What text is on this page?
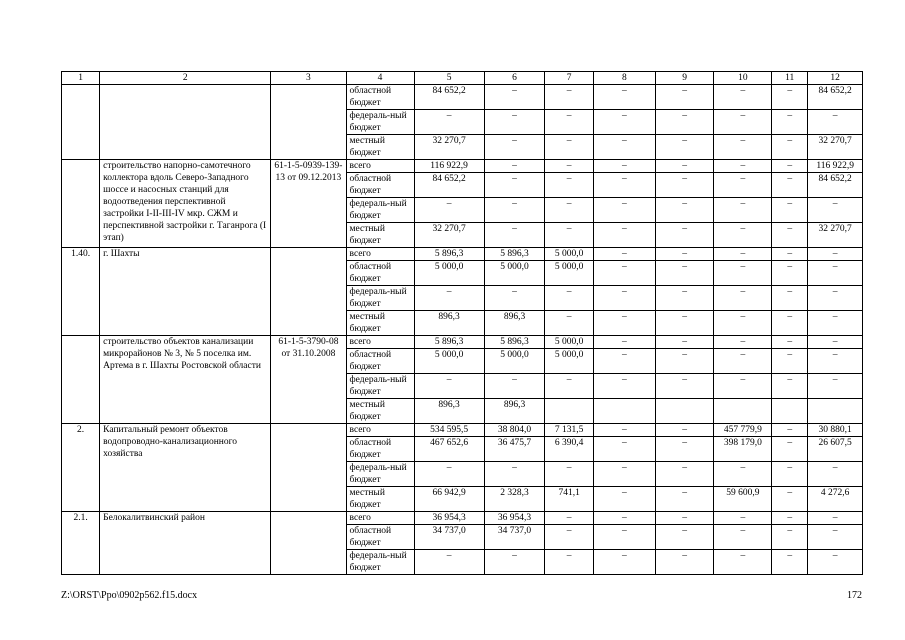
1	2	3	4	5	6	7	8	9	10	11	12
			областной бюджет	84 652,2	–	–	–	–	–	–	84 652,2
			федераль-ный бюджет	–	–	–	–	–	–	–	–
			местный бюджет	32 270,7	–	–	–	–	–	–	32 270,7
	строительство напорно-самотечного коллектора вдоль Северо-Западного шоссе и насосных станций для водоотведения перспективной застройки I-II-III-IV мкр. СЖМ и перспективной застройки г. Таганрога (I этап)	61-1-5-0939-139-13 от 09.12.2013	всего	116 922,9	–	–	–	–	–	–	116 922,9
			областной бюджет	84 652,2	–	–	–	–	–	–	84 652,2
			федераль-ный бюджет	–	–	–	–	–	–	–	–
			местный бюджет	32 270,7	–	–	–	–	–	–	32 270,7
1.40.	г. Шахты		всего	5 896,3	5 896,3	5 000,0	–	–	–	–	–
			областной бюджет	5 000,0	5 000,0	5 000,0	–	–	–	–	–
			федераль-ный бюджет	–	–	–	–	–	–	–	–
			местный бюджет	896,3	896,3	–	–	–	–	–	–
	строительство объектов канализации микрорайонов № 3, № 5 поселка им. Артема в г. Шахты Ростовской области	61-1-5-3790-08 от 31.10.2008	всего	5 896,3	5 896,3	5 000,0	–	–	–	–	–
			областной бюджет	5 000,0	5 000,0	5 000,0	–	–	–	–	–
			федераль-ный бюджет	–	–	–	–	–	–	–	–
			местный бюджет	896,3	896,3						
2.	Капитальный ремонт объектов водопроводно-канализационного хозяйства		всего	534 595,5	38 804,0	7 131,5	–	–	457 779,9	–	30 880,1
			областной бюджет	467 652,6	36 475,7	6 390,4	–	–	398 179,0	–	26 607,5
			федераль-ный бюджет	–	–	–	–	–	–	–	–
			местный бюджет	66 942,9	2 328,3	741,1	–	–	59 600,9	–	4 272,6
2.1.	Белокалитвинский район		всего	36 954,3	36 954,3	–	–	–	–	–	–
			областной бюджет	34 737,0	34 737,0	–	–	–	–	–	–
			федераль-ный бюджет	–	–	–	–	–	–	–	–
Z:\ORST\Ppo\0902p562.f15.docx	172
